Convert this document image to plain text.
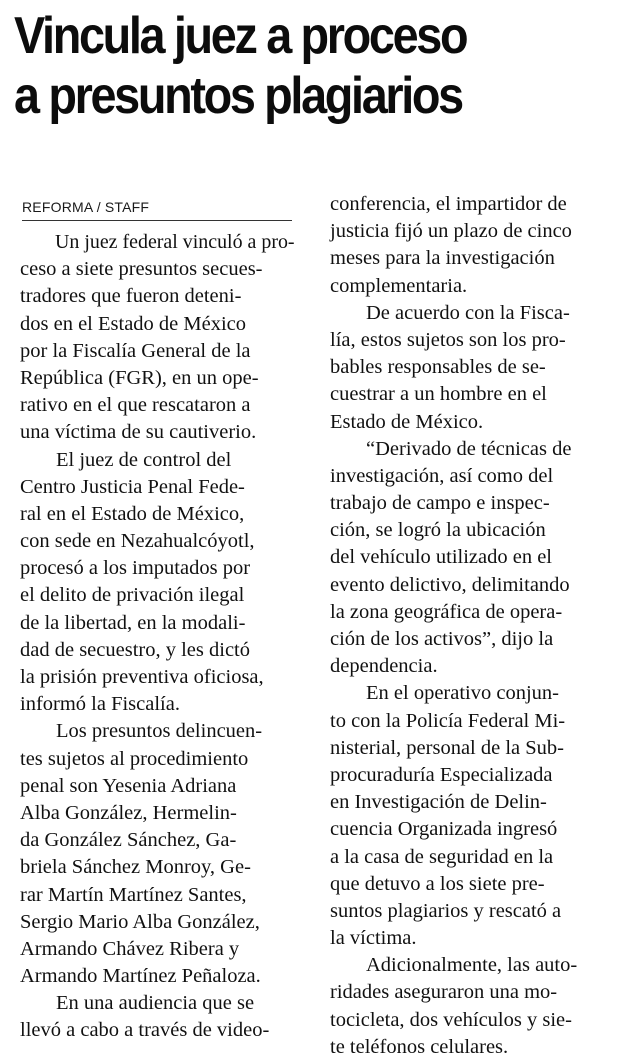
Vincula juez a proceso
a presuntos plagiarios
REFORMA / STAFF
Un juez federal vinculó a pro-
ceso a siete presuntos secues-
tradores que fueron deteni-
dos en el Estado de México
por la Fiscalía General de la
República (FGR), en un ope-
rativo en el que rescataron a
una víctima de su cautiverio.
El juez de control del
Centro Justicia Penal Fede-
ral en el Estado de México,
con sede en Nezahualcóyotl,
procesó a los imputados por
el delito de privación ilegal
de la libertad, en la modali-
dad de secuestro, y les dictó
la prisión preventiva oficiosa,
informó la Fiscalía.
Los presuntos delincuen-
tes sujetos al procedimiento
penal son Yesenia Adriana
Alba González, Hermelin-
da González Sánchez, Ga-
briela Sánchez Monroy, Ge-
rar Martín Martínez Santes,
Sergio Mario Alba González,
Armando Chávez Ribera y
Armando Martínez Peñaloza.
En una audiencia que se
llevó a cabo a través de video-
conferencia, el impartidor de
justicia fijó un plazo de cinco
meses para la investigación
complementaria.
De acuerdo con la Fisca-
lía, estos sujetos son los pro-
bables responsables de se-
cuestrar a un hombre en el
Estado de México.
“Derivado de técnicas de
investigación, así como del
trabajo de campo e inspec-
ción, se logró la ubicación
del vehículo utilizado en el
evento delictivo, delimitando
la zona geográfica de opera-
ción de los activos”, dijo la
dependencia.
En el operativo conjun-
to con la Policía Federal Mi-
nisterial, personal de la Sub-
procuraduría Especializada
en Investigación de Delin-
cuencia Organizada ingresó
a la casa de seguridad en la
que detuvo a los siete pre-
suntos plagiarios y rescató a
la víctima.
Adicionalmente, las auto-
ridades aseguraron una mo-
tocicleta, dos vehículos y sie-
te teléfonos celulares.
